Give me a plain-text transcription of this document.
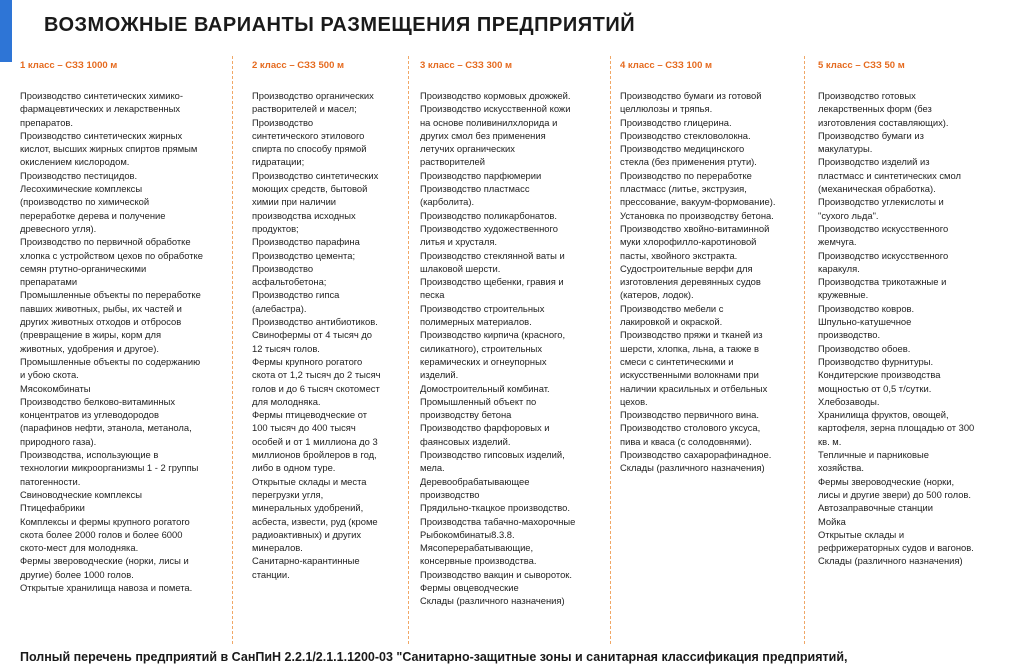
ВОЗМОЖНЫЕ ВАРИАНТЫ РАЗМЕЩЕНИЯ ПРЕДПРИЯТИЙ
1 класс – СЗЗ 1000 м

Производство синтетических химико-
фармацевтических и лекарственных
препаратов.
Производство синтетических жирных
кислот, высших жирных спиртов прямым
окислением кислородом.
Производство пестицидов.
Лесохимические комплексы
(производство по химической
переработке дерева и получение
древесного угля).
Производство по первичной обработке
хлопка с устройством цехов по обработке
семян ртутно-органическими
препаратами
Промышленные объекты по переработке
павших животных, рыбы, их частей и
других животных отходов и отбросов
(превращение в жиры, корм для
животных, удобрения и другое).
Промышленные объекты по содержанию
и убою скота.
Мясокомбинаты
Производство белково-витаминных
концентратов из углеводородов
(парафинов нефти, этанола, метанола,
природного газа).
Производства, использующие в
технологии микроорганизмы 1 - 2 группы
патогенности.
Свиноводческие комплексы
Птицефабрики
Комплексы и фермы крупного рогатого
скота более 2000 голов и более 6000
ското-мест для молодняка.
Фермы звероводческие (норки, лисы и
другие) более 1000 голов.
Открытые хранилища навоза и помета.

2 класс – СЗЗ 500 м

Производство органических
растворителей и масел;
Производство
синтетического этилового
спирта по способу прямой
гидратации;
Производство синтетических
моющих средств, бытовой
химии при наличии
производства исходных
продуктов;
Производство парафина
Производство цемента;
Производство
асфальтобетона;
Производство гипса
(алебастра).
Производство антибиотиков.
Свинофермы от 4 тысяч до
12 тысяч голов.
Фермы крупного рогатого
скота от 1,2 тысяч до 2 тысяч
голов и до 6 тысяч скотомест
для молодняка.
Фермы птицеводческие от
100 тысяч до 400 тысяч
особей и от 1 миллиона до 3
миллионов бройлеров в год,
либо в одном туре.
Открытые склады и места
перегрузки угля,
минеральных удобрений,
асбеста, извести, руд (кроме
радиоактивных) и других
минералов.
Санитарно-карантинные
станции.

3 класс – СЗЗ 300 м

Производство кормовых дрожжей.
Производство искусственной кожи
на основе поливинилхлорида и
других смол без применения
летучих органических
растворителей
Производство парфюмерии
Производство пластмасс
(карболита).
Производство поликарбонатов.
Производство художественного
литья и хрусталя.
Производство стеклянной ваты и
шлаковой шерсти.
Производство щебенки, гравия и
песка
Производство строительных
полимерных материалов.
Производство кирпича (красного,
силикатного), строительных
керамических и огнеупорных
изделий.
Домостроительный комбинат.
Промышленный объект по
производству бетона
Производство фарфоровых и
фаянсовых изделий.
Производство гипсовых изделий,
мела.
Деревообрабатывающее
производство
Прядильно-ткацкое производство.
Производства табачно-махорочные
Рыбокомбинаты8.3.8.
Мясоперерабатывающие,
консервные производства.
Производство вакцин и сывороток.
Фермы овцеводческие
Склады (различного назначения)

4 класс – СЗЗ 100 м

Производство бумаги из готовой
целлюлозы и тряпья.
Производство глицерина.
Производство стекловолокна.
Производство медицинского
стекла (без применения ртути).
Производство по переработке
пластмасс (литье, экструзия,
прессование, вакуум-формование).
Установка по производству бетона.
Производство хвойно-витаминной
муки хлорофилло-каротиновой
пасты, хвойного экстракта.
Судостроительные верфи для
изготовления деревянных судов
(катеров, лодок).
Производство мебели с
лакировкой и окраской.
Производство пряжи и тканей из
шерсти, хлопка, льна, а также в
смеси с синтетическими и
искусственными волокнами при
наличии красильных и отбельных
цехов.
Производство первичного вина.
Производство столового уксуса,
пива и кваса (с солодовнями).
Производство сахарорафинадное.
Склады (различного назначения)

5 класс – СЗЗ 50 м

Производство готовых
лекарственных форм (без
изготовления составляющих).
Производство бумаги из
макулатуры.
Производство изделий из
пластмасс и синтетических смол
(механическая обработка).
Производство углекислоты и
"сухого льда".
Производство искусственного
жемчуга.
Производство искусственного
каракуля.
Производства трикотажные и
кружевные.
Производство ковров.
Шпульно-катушечное
производство.
Производство обоев.
Производство фурнитуры.
Кондитерские производства
мощностью от 0,5 т/сутки.
Хлебозаводы.
Хранилища фруктов, овощей,
картофеля, зерна площадью от 300
кв. м.
Тепличные и парниковые
хозяйства.
Фермы звероводческие (норки,
лисы и другие звери) до 500 голов.
Автозаправочные станции
Мойка
Открытые склады и
рефрижераторных судов и вагонов.
Склады (различного назначения)

Полный перечень предприятий в СанПиН 2.2.1/2.1.1.1200-03 "Санитарно-защитные зоны и санитарная классификация предприятий,
